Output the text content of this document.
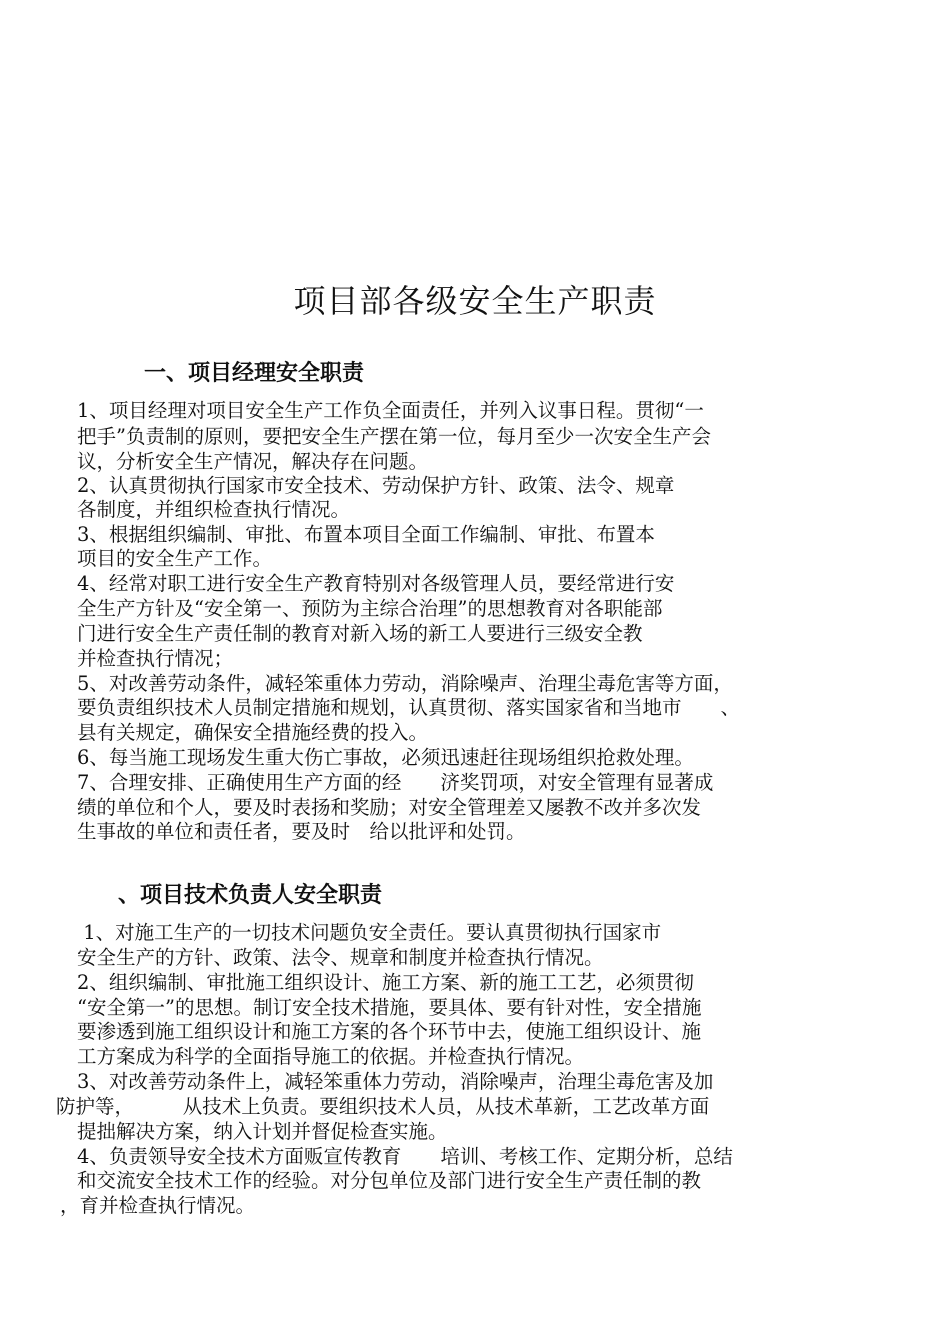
项目部各级安全生产职责
一、项目经理安全职责
1、项目经理对项目安全生产工作负全面责任，并列入议事日程。贯彻“一
把手”负责制的原则，要把安全生产摆在第一位，每月至少一次安全生产会
议，分析安全生产情况，解决存在问题。
2、认真贯彻执行国家市安全技术、劳动保护方针、政策、法令、规章
各制度，并组织检查执行情况。
3、根据组织编制、审批、布置本项目全面工作编制、审批、布置本
项目的安全生产工作。
4、经常对职工进行安全生产教育特别对各级管理人员，要经常进行安
全生产方针及“安全第一、预防为主综合治理”的思想教育对各职能部
门进行安全生产责任制的教育对新入场的新工人要进行三级安全教
并检查执行情况；
5、对改善劳动条件，减轻笨重体力劳动，消除噪声、治理尘毒危害等方面，
要负责组织技术人员制定措施和规划，认真贯彻、落实国家省和当地市　　、
县有关规定，确保安全措施经费的投入。
6、每当施工现场发生重大伤亡事故，必须迅速赶往现场组织抢救处理。
7、合理安排、正确使用生产方面的经　　济奖罚项，对安全管理有显著成
绩的单位和个人，要及时表扬和奖励；对安全管理差又屡教不改并多次发
生事故的单位和责任者，要及时　给以批评和处罚。
、项目技术负责人安全职责
1、对施工生产的一切技术问题负安全责任。要认真贯彻执行国家市
安全生产的方针、政策、法令、规章和制度并检查执行情况。
2、组织编制、审批施工组织设计、施工方案、新的施工工艺，必须贯彻
“安全第一”的思想。制订安全技术措施，要具体、要有针对性，安全措施
要渗透到施工组织设计和施工方案的各个环节中去，使施工组织设计、施
工方案成为科学的全面指导施工的依据。并检查执行情况。
3、对改善劳动条件上，减轻笨重体力劳动，消除噪声，治理尘毒危害及加
防护等，　　　从技术上负责。要组织技术人员，从技术革新，工艺改革方面
提拙解决方案，纳入计划并督促检查实施。
4、负责领导安全技术方面贩宣传教育　　培训、考核工作、定期分析，总结
和交流安全技术工作的经验。对分包单位及部门进行安全生产责任制的教
，育并检查执行情况。
